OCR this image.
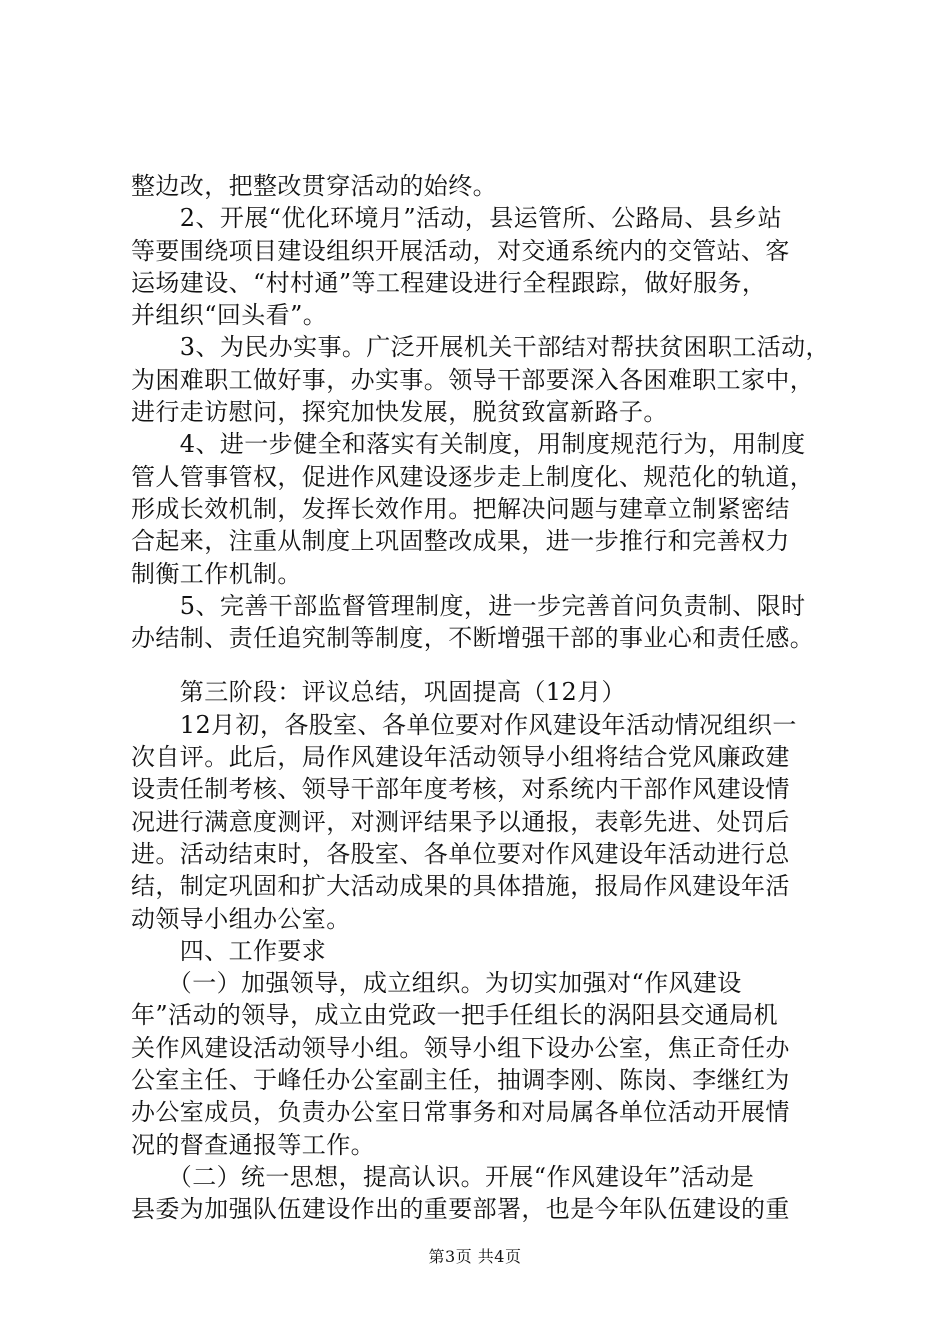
整边改，把整改贯穿活动的始终。
　　2、开展“优化环境月”活动，县运管所、公路局、县乡站
等要围绕项目建设组织开展活动，对交通系统内的交管站、客
运场建设、“村村通”等工程建设进行全程跟踪，做好服务，
并组织“回头看”。
　　3、为民办实事。广泛开展机关干部结对帮扶贫困职工活动，
为困难职工做好事，办实事。领导干部要深入各困难职工家中，
进行走访慰问，探究加快发展，脱贫致富新路子。
　　4、进一步健全和落实有关制度，用制度规范行为，用制度
管人管事管权，促进作风建设逐步走上制度化、规范化的轨道，
形成长效机制，发挥长效作用。把解决问题与建章立制紧密结
合起来，注重从制度上巩固整改成果，进一步推行和完善权力
制衡工作机制。
　　5、完善干部监督管理制度，进一步完善首问负责制、限时
办结制、责任追究制等制度，不断增强干部的事业心和责任感。
　　第三阶段：评议总结，巩固提高（12月）
　　12月初，各股室、各单位要对作风建设年活动情况组织一
次自评。此后，局作风建设年活动领导小组将结合党风廉政建
设责任制考核、领导干部年度考核，对系统内干部作风建设情
况进行满意度测评，对测评结果予以通报，表彰先进、处罚后
进。活动结束时，各股室、各单位要对作风建设年活动进行总
结，制定巩固和扩大活动成果的具体措施，报局作风建设年活
动领导小组办公室。
　　四、工作要求
　　（一）加强领导，成立组织。为切实加强对“作风建设
年”活动的领导，成立由党政一把手任组长的涡阳县交通局机
关作风建设活动领导小组。领导小组下设办公室，焦正奇任办
公室主任、于峰任办公室副主任，抽调李刚、陈岗、李继红为
办公室成员，负责办公室日常事务和对局属各单位活动开展情
况的督查通报等工作。
　　（二）统一思想，提高认识。开展“作风建设年”活动是
县委为加强队伍建设作出的重要部署，也是今年队伍建设的重
第3页 共4页
